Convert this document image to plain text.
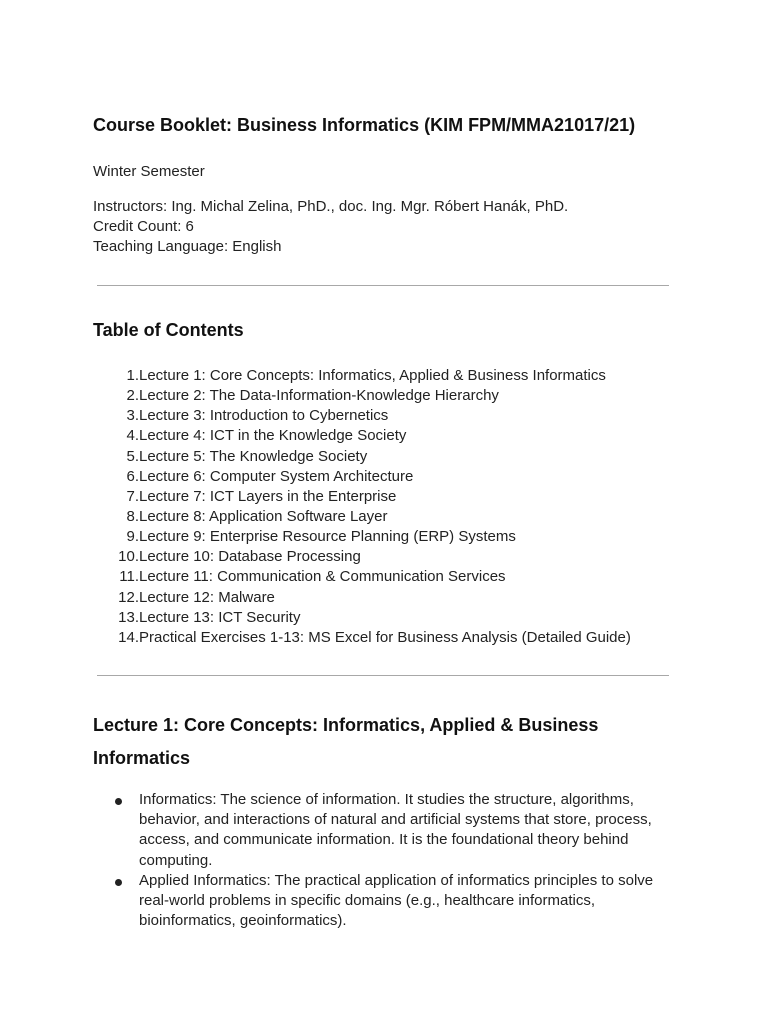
Course Booklet: Business Informatics (KIM FPM/MMA21017/21)

Winter Semester

Instructors: Ing. Michal Zelina, PhD., doc. Ing. Mgr. Róbert Hanák, PhD.
Credit Count: 6
Teaching Language: English
Table of Contents
1. Lecture 1: Core Concepts: Informatics, Applied & Business Informatics
2. Lecture 2: The Data-Information-Knowledge Hierarchy
3. Lecture 3: Introduction to Cybernetics
4. Lecture 4: ICT in the Knowledge Society
5. Lecture 5: The Knowledge Society
6. Lecture 6: Computer System Architecture
7. Lecture 7: ICT Layers in the Enterprise
8. Lecture 8: Application Software Layer
9. Lecture 9: Enterprise Resource Planning (ERP) Systems
10. Lecture 10: Database Processing
11. Lecture 11: Communication & Communication Services
12. Lecture 12: Malware
13. Lecture 13: ICT Security
14. Practical Exercises 1-13: MS Excel for Business Analysis (Detailed Guide)
Lecture 1: Core Concepts: Informatics, Applied & Business Informatics
Informatics: The science of information. It studies the structure, algorithms, behavior, and interactions of natural and artificial systems that store, process, access, and communicate information. It is the foundational theory behind computing.
Applied Informatics: The practical application of informatics principles to solve real-world problems in specific domains (e.g., healthcare informatics, bioinformatics, geoinformatics).
